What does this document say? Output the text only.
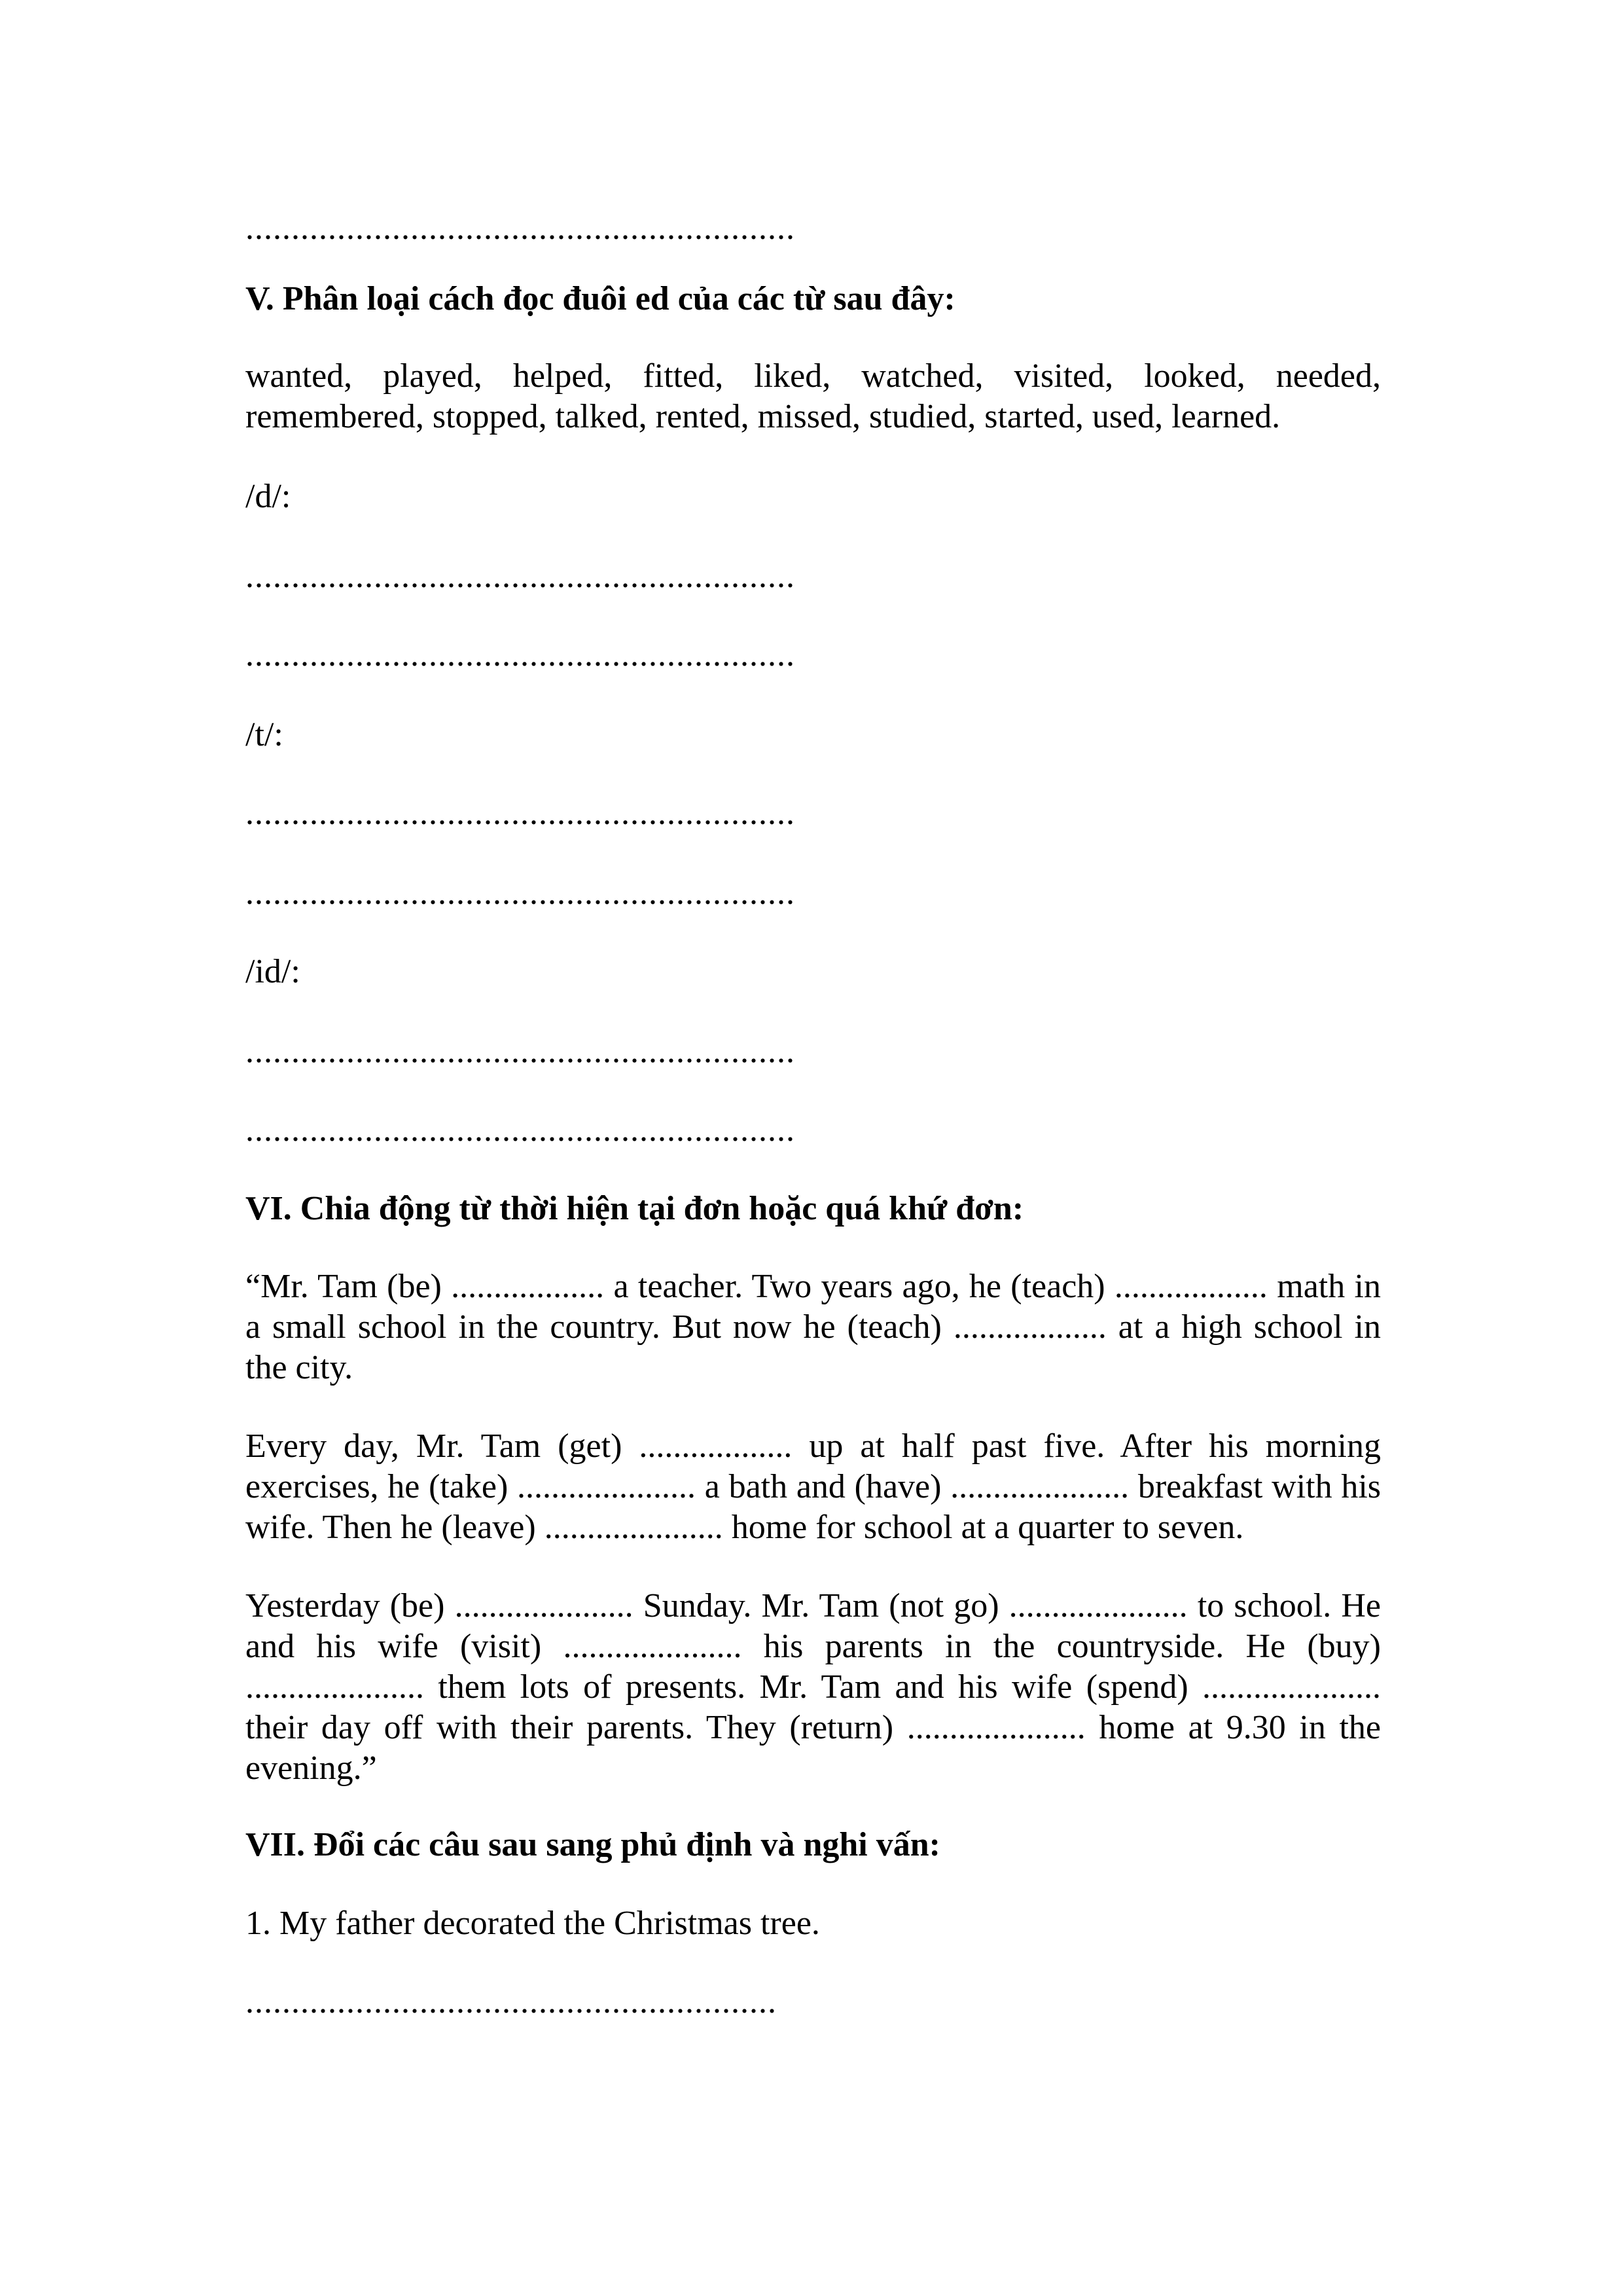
............................................................

V. Phân loại cách đọc đuôi ed của các từ sau đây:

wanted, played, helped, fitted, liked, watched, visited, looked, needed, remembered, stopped, talked, rented, missed, studied, started, used, learned.

/d/:

............................................................

............................................................

/t/:

............................................................

............................................................

/id/:

............................................................

............................................................

VI. Chia động từ thời hiện tại đơn hoặc quá khứ đơn:

“Mr. Tam (be) .................. a teacher. Two years ago, he (teach) .................. math in a small school in the country. But now he (teach) .................. at a high school in the city.

Every day, Mr. Tam (get) .................. up at half past five. After his morning exercises, he (take) ..................... a bath and (have) ..................... breakfast with his wife. Then he (leave) ..................... home for school at a quarter to seven.

Yesterday (be) ..................... Sunday. Mr. Tam (not go) ..................... to school. He and his wife (visit) ..................... his parents in the countryside. He (buy) ..................... them lots of presents. Mr. Tam and his wife (spend) ..................... their day off with their parents. They (return) ..................... home at 9.30 in the evening.”

VII. Đổi các câu sau sang phủ định và nghi vấn:

1. My father decorated the Christmas tree.

..........................................................
